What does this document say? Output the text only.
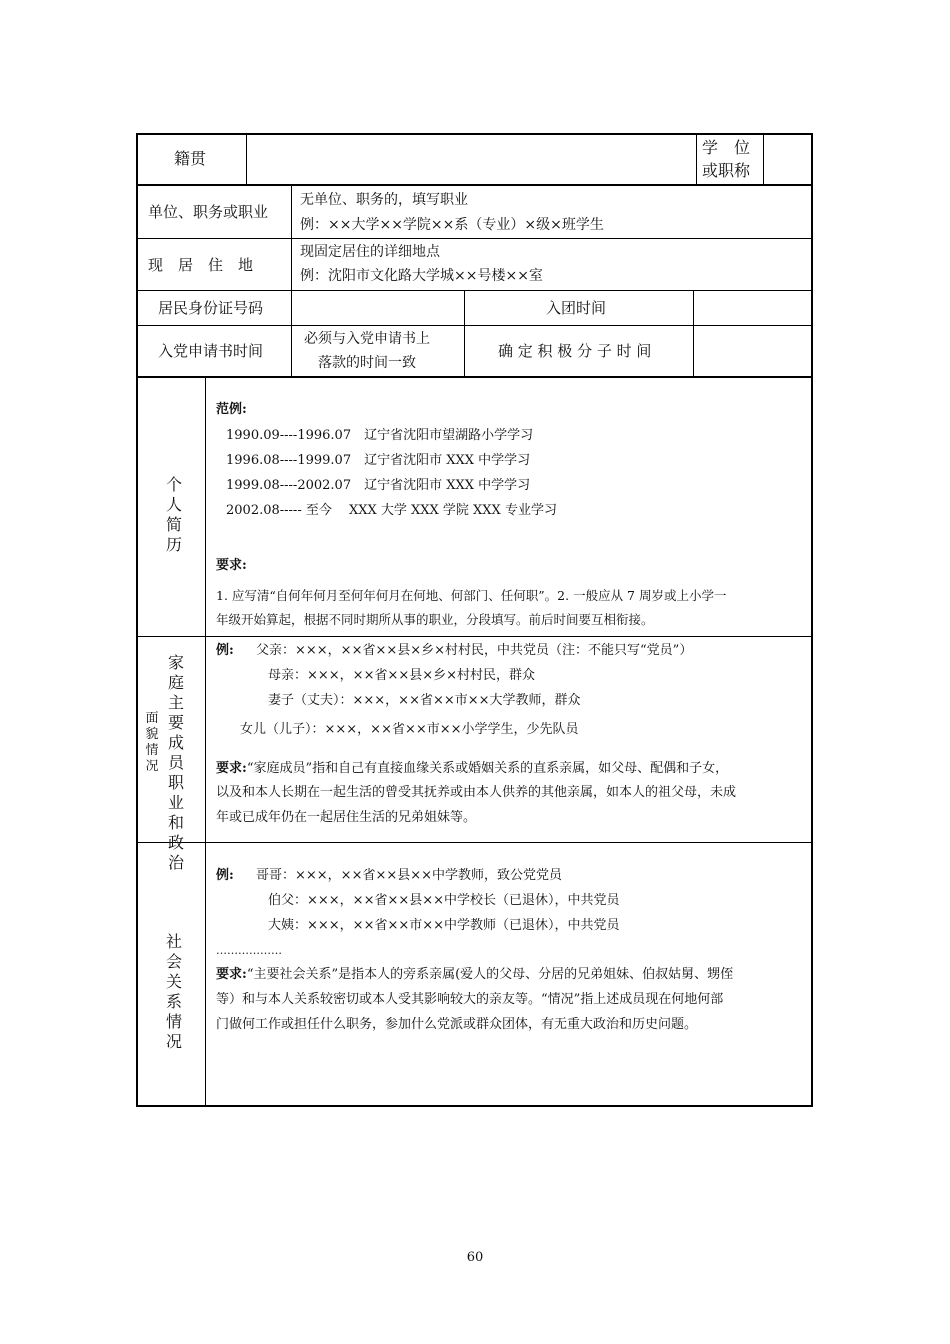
籍贯
学　位
或职称
单位、职务或职业
无单位、职务的，填写职业
例：××大学××学院××系（专业）×级×班学生
现　居　住　地
现固定居住的详细地点
例：沈阳市文化路大学城××号楼××室
居民身份证号码	入团时间
入党申请书时间
必须与入党申请书上
落款的时间一致
确 定 积 极 分 子 时 间
个人简历
范例:
1990.09----1996.07　辽宁省沈阳市望湖路小学学习
1996.08----1999.07　辽宁省沈阳市 XXX 中学学习
1999.08----2002.07　辽宁省沈阳市 XXX 中学学习
2002.08----- 至今　 XXX 大学 XXX 学院 XXX 专业学习
要求:
1. 应写清“自何年何月至何年何月在何地、何部门、任何职”。2. 一般应从 7 周岁或上小学一
年级开始算起，根据不同时期所从事的职业，分段填写。前后时间要互相衔接。
家庭主要成员职业和政治
面貌情况
例: 父亲：×××，××省××县×乡×村村民，中共党员（注：不能只写“党员”）
母亲：×××，××省××县×乡×村村民，群众
妻子（丈夫）：×××，××省××市××大学教师，群众
女儿（儿子）：×××，××省××市××小学学生，少先队员
要求:“家庭成员”指和自己有直接血缘关系或婚姻关系的直系亲属，如父母、配偶和子女，
以及和本人长期在一起生活的曾受其抚养或由本人供养的其他亲属，如本人的祖父母，未成
年或已成年仍在一起居住生活的兄弟姐妹等。
社会关系情况
例: 哥哥：×××，××省××县××中学教师，致公党党员
伯父：×××，××省××县××中学校长（已退休），中共党员
大姨：×××，××省××市××中学教师（已退休），中共党员
………………
要求:“主要社会关系”是指本人的旁系亲属(爱人的父母、分居的兄弟姐妹、伯叔姑舅、甥侄
等）和与本人关系较密切或本人受其影响较大的亲友等。“情况”指上述成员现在何地何部
门做何工作或担任什么职务，参加什么党派或群众团体，有无重大政治和历史问题。
60
